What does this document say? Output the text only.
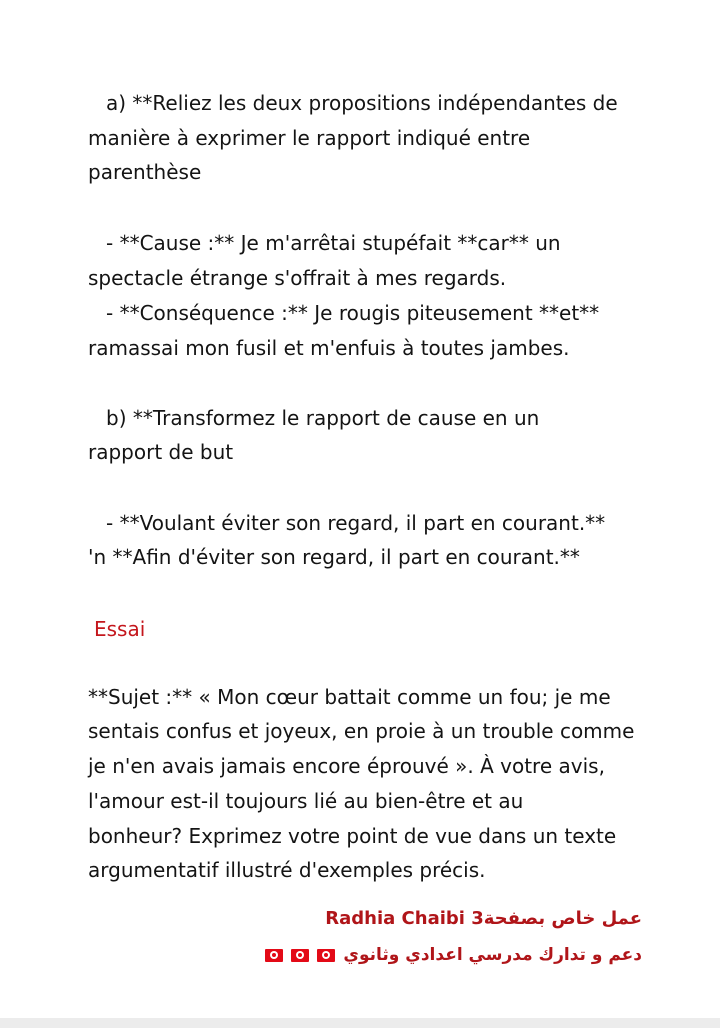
a) **Reliez les deux propositions indépendantes de
manière à exprimer le rapport indiqué entre
parenthèse
- **Cause :** Je m'arrêtai stupéfait **car** un
spectacle étrange s'offrait à mes regards.
- **Conséquence :** Je rougis piteusement **et**
ramassai mon fusil et m'enfuis à toutes jambes.
b) **Transformez le rapport de cause en un
rapport de but
- **Voulant éviter son regard, il part en courant.**
'n **Afin d'éviter son regard, il part en courant.**
Essai
**Sujet :** « Mon cœur battait comme un fou; je me
sentais confus et joyeux, en proie à un trouble comme
je n'en avais jamais encore éprouvé ». À votre avis,
l'amour est-il toujours lié au bien-être et au
bonheur? Exprimez votre point de vue dans un texte
argumentatif illustré d'exemples précis.
Radhia Chaibi عمل خاص بصفحة3
دعم و تدارك مدرسي اعدادي وثانوي
